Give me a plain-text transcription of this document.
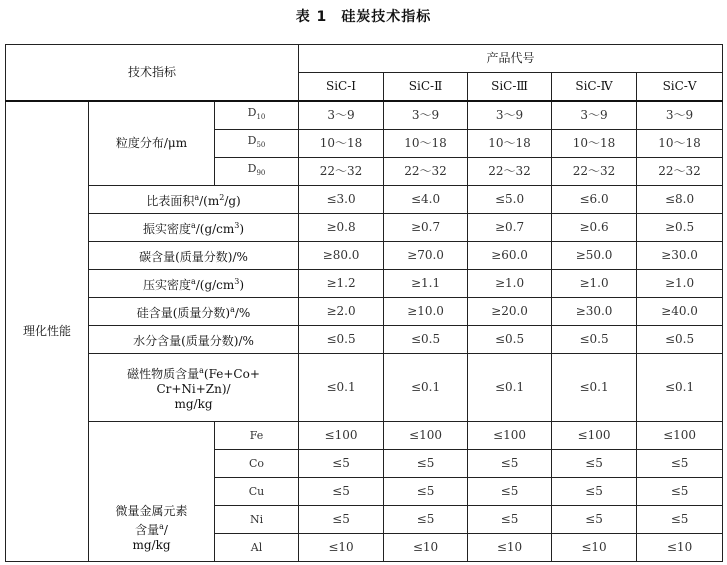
表 1 硅炭技术指标
技术指标			产品代号				
			SiC-Ⅰ	SiC-Ⅱ	SiC-Ⅲ	SiC-Ⅳ	SiC-Ⅴ
理化性能	粒度分布/μm	$D_{10}$	3～9	3～9	3～9	3～9	3～9
		$D_{50}$	10～18	10～18	10～18	10～18	10～18
		$D_{90}$	22～32	22～32	22～32	22～32	22～32
	比表面积$^a/(m^2/g)$		≤3.0	≤4.0	≤5.0	≤6.0	≤8.0
	振实密度$^a/(g/cm^3)$		≥0.8	≥0.7	≥0.7	≥0.6	≥0.5
	碳含量(质量分数)/%		≥80.0	≥70.0	≥60.0	≥50.0	≥30.0
	压实密度$^a/(g/cm^3)$		≥1.2	≥1.1	≥1.0	≥1.0	≥1.0
	硅含量(质量分数)$^a$/%		≥2.0	≥10.0	≥20.0	≥30.0	≥40.0
	水分含量(质量分数)/%		≤0.5	≤0.5	≤0.5	≤0.5	≤0.5

	磁性物质含量$^a$(Fe+Co+
Cr+Ni+Zn)/
mg/kg		≤0.1	≤0.1	≤0.1	≤0.1	≤0.1

	微量金属元素
含量$^a$/
mg/kg	Fe	≤100	≤100	≤100	≤100	≤100
		Co	≤5	≤5	≤5	≤5	≤5
		Cu	≤5	≤5	≤5	≤5	≤5
		Ni	≤5	≤5	≤5	≤5	≤5
		Al	≤10	≤10	≤10	≤10	≤10
